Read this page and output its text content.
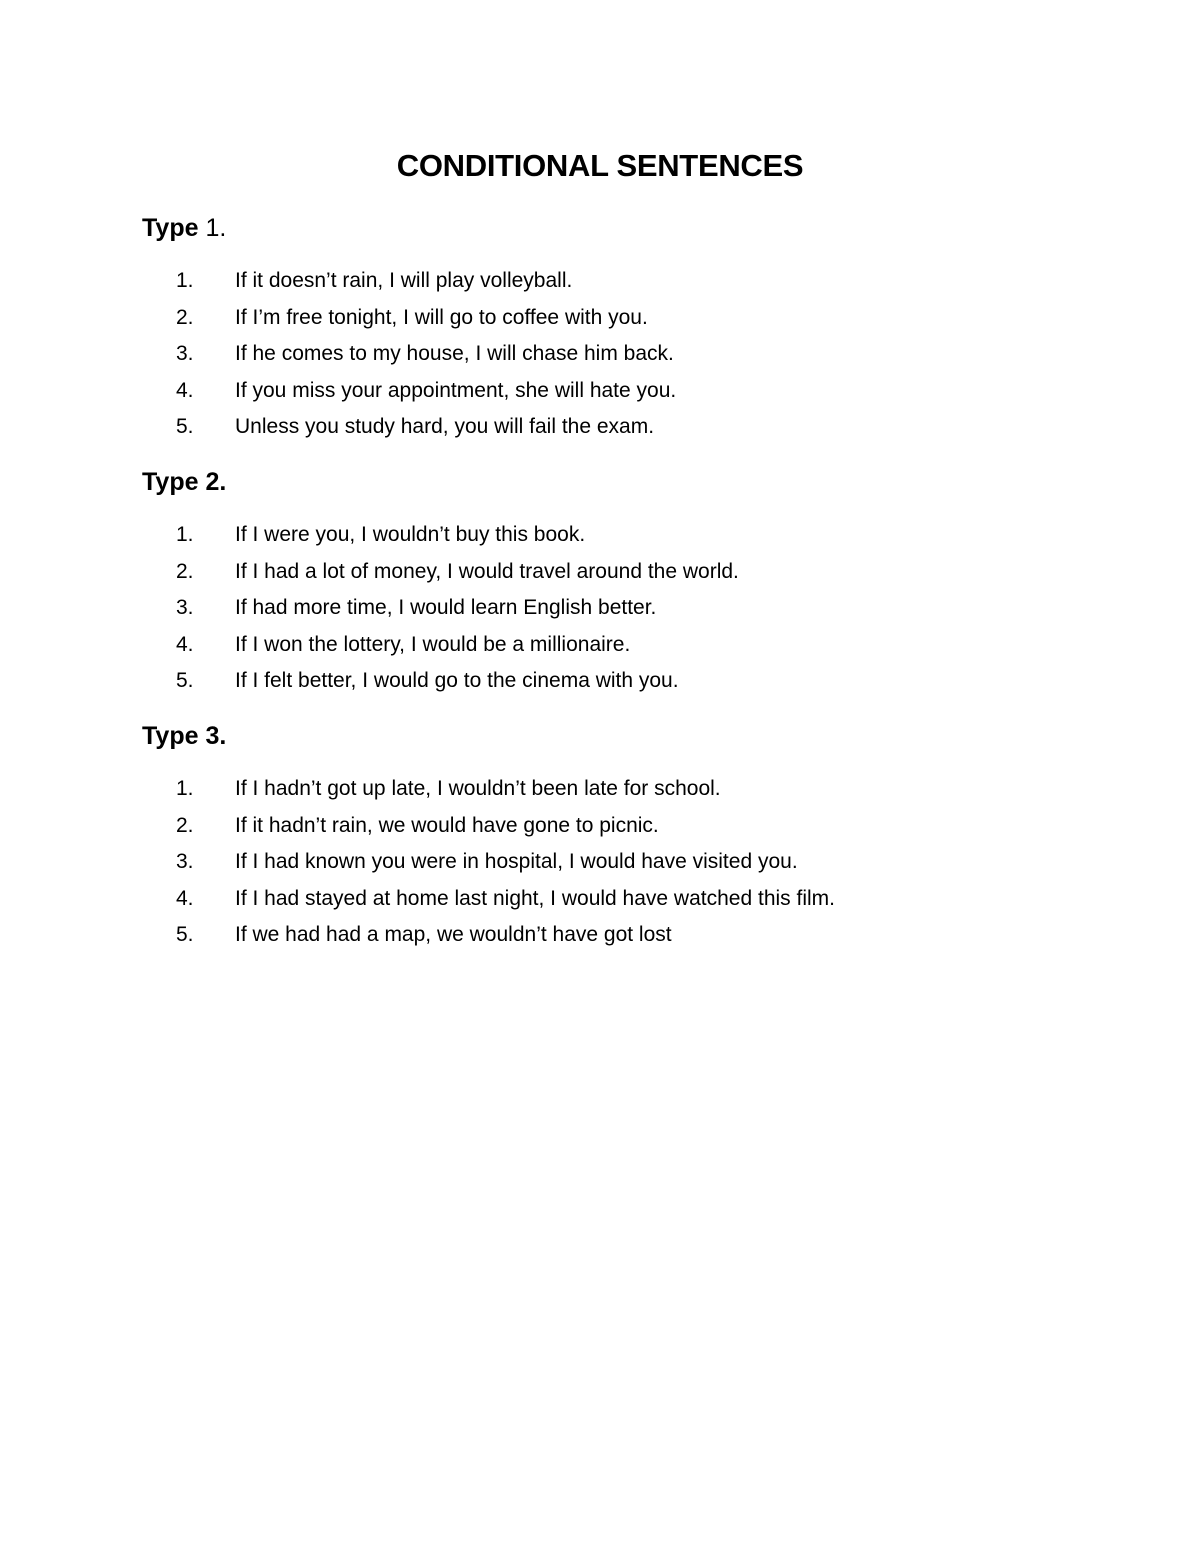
CONDITIONAL SENTENCES
Type 1.
1. If it doesn’t rain, I will play volleyball.
2. If I’m free tonight, I will go to coffee with you.
3. If he comes to my house, I will chase him back.
4. If you miss your appointment, she will hate you.
5. Unless you study hard, you will fail the exam.
Type 2.
1. If I were you, I wouldn’t buy this book.
2. If I had a lot of money, I would travel around the world.
3. If had more time, I would learn English better.
4. If I won the lottery, I would be a millionaire.
5. If I felt better, I would go to the cinema with you.
Type 3.
1. If I hadn’t got up late, I wouldn’t been late for school.
2. If it hadn’t rain, we would have gone to picnic.
3. If I had known you were in hospital, I would have visited you.
4. If I had stayed at home last night, I would have watched this film.
5. If we had had a map, we wouldn’t have got lost
